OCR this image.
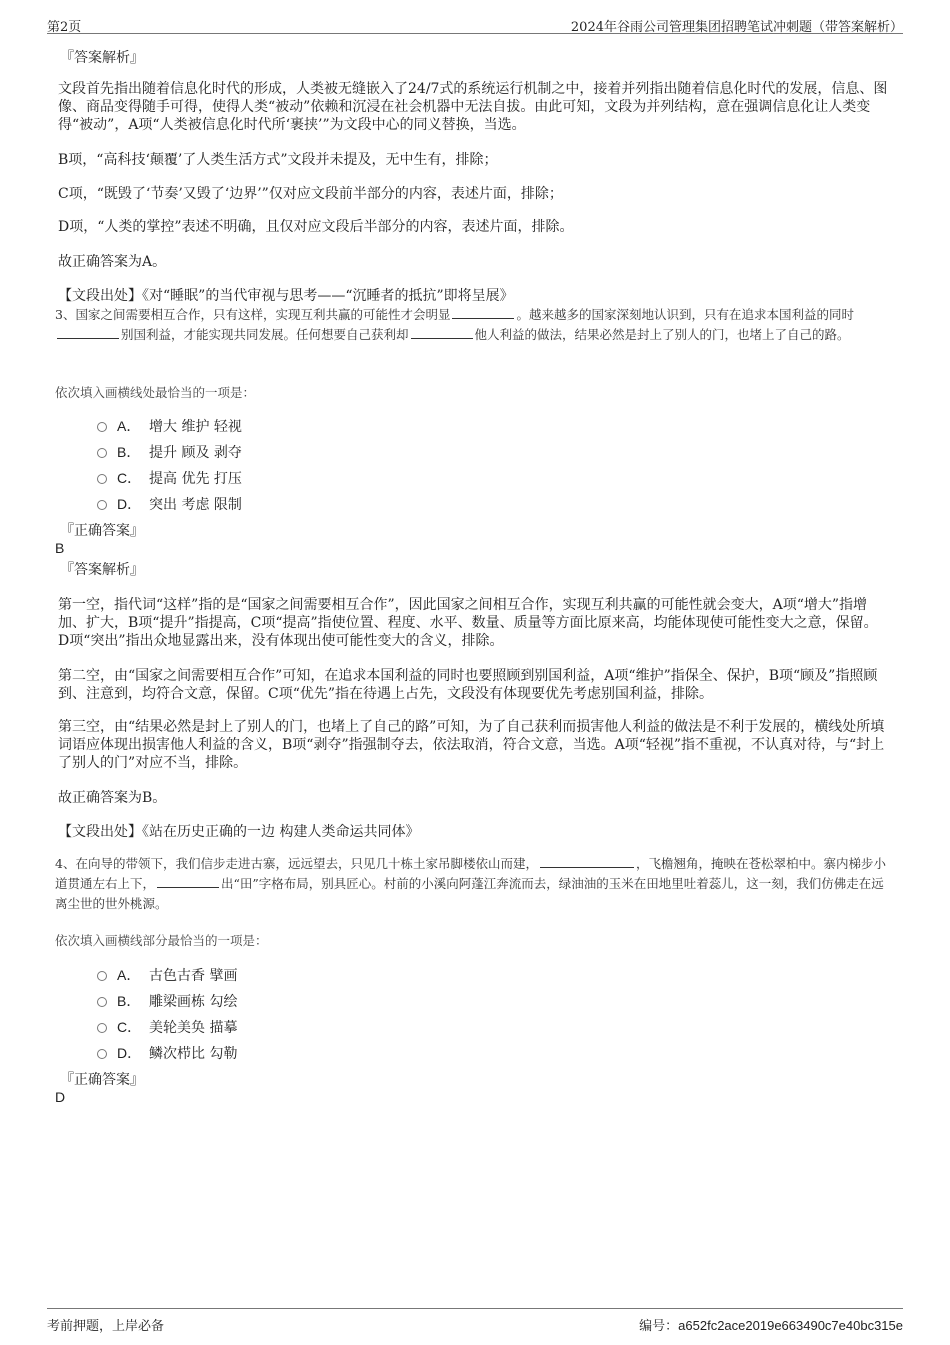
第2页	2024年谷雨公司管理集团招聘笔试冲刺题（带答案解析）

『答案解析』

文段首先指出随着信息化时代的形成，人类被无缝嵌入了24/7式的系统运行机制之中，接着并列指出随着信息化时代的发展，信息、图像、商品变得随手可得，使得人类“被动”依赖和沉浸在社会机器中无法自拔。由此可知，文段为并列结构，意在强调信息化让人类变得“被动”，A项“人类被信息化时代所‘裹挟’”为文段中心的同义替换，当选。

B项，“高科技‘颠覆’了人类生活方式”文段并未提及，无中生有，排除；

C项，“既毁了‘节奏’又毁了‘边界’”仅对应文段前半部分的内容，表述片面，排除；

D项，“人类的掌控”表述不明确，且仅对应文段后半部分的内容，表述片面，排除。

故正确答案为A。

【文段出处】《对“睡眠”的当代审视与思考——“沉睡者的抵抗”即将呈展》

3、国家之间需要相互合作，只有这样，实现互利共赢的可能性才会明显	。越来越多的国家深刻地认识到，只有在追求本国利益的同时别国利益，才能实现共同发展。任何想要自己获利却	他人利益的做法，结果必然是封上了别人的门，也堵上了自己的路。

依次填入画横线处最恰当的一项是：

A． 增大 维护 轻视
B． 提升 顾及 剥夺
C． 提高 优先 打压
D． 突出 考虑 限制

『正确答案』

B

『答案解析』

第一空，指代词“这样”指的是“国家之间需要相互合作”，因此国家之间相互合作，实现互利共赢的可能性就会变大，A项“增大”指增加、扩大，B项“提升”指提高，C项“提高”指使位置、程度、水平、数量、质量等方面比原来高，均能体现使可能性变大之意，保留。D项“突出”指出众地显露出来，没有体现出使可能性变大的含义，排除。

第二空，由“国家之间需要相互合作”可知，在追求本国利益的同时也要照顾到别国利益，A项“维护”指保全、保护，B项“顾及”指照顾到、注意到，均符合文意，保留。C项“优先”指在待遇上占先，文段没有体现要优先考虑别国利益，排除。

第三空，由“结果必然是封上了别人的门，也堵上了自己的路”可知，为了自己获利而损害他人利益的做法是不利于发展的，横线处所填词语应体现出损害他人利益的含义，B项“剥夺”指强制夺去，依法取消，符合文意，当选。A项“轻视”指不重视，不认真对待，与“封上了别人的门”对应不当，排除。

故正确答案为B。

【文段出处】《站在历史正确的一边 构建人类命运共同体》

4、在向导的带领下，我们信步走进古寨，远远望去，只见几十栋土家吊脚楼依山而建，	，飞檐翘角，掩映在苍松翠柏中。寨内梯步小道贯通左右上下，	出“田”字格布局，别具匠心。村前的小溪向阿蓬江奔流而去，绿油油的玉米在田地里吐着蕊儿，这一刻，我们仿佛走在远离尘世的世外桃源。

依次填入画横线部分最恰当的一项是：

A． 古色古香 擘画
B． 雕梁画栋 勾绘
C． 美轮美奂 描摹
D． 鳞次栉比 勾勒

『正确答案』

D

考前押题，上岸必备	编号：a652fc2ace2019e663490c7e40bc315e
